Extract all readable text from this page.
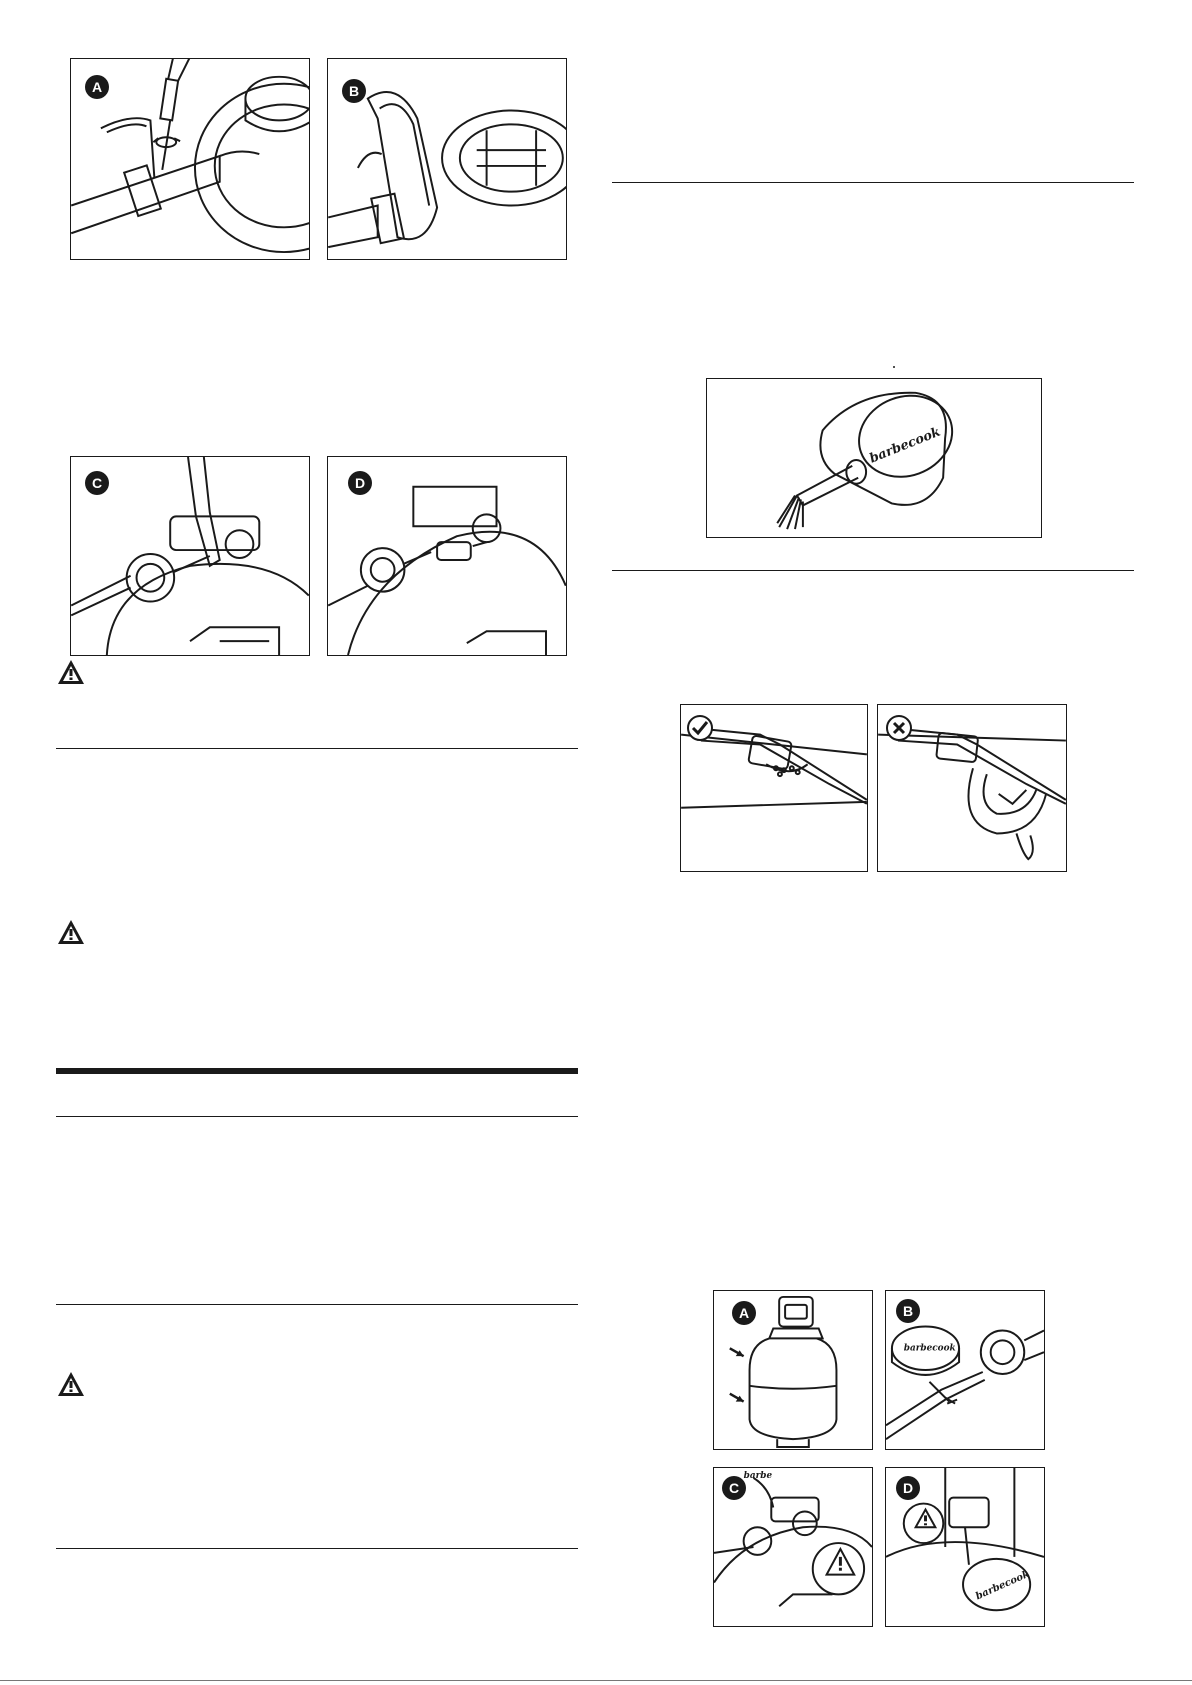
A	B
C	D
barbecook
A
barbecook
B
barbe
C
barbecook
D
